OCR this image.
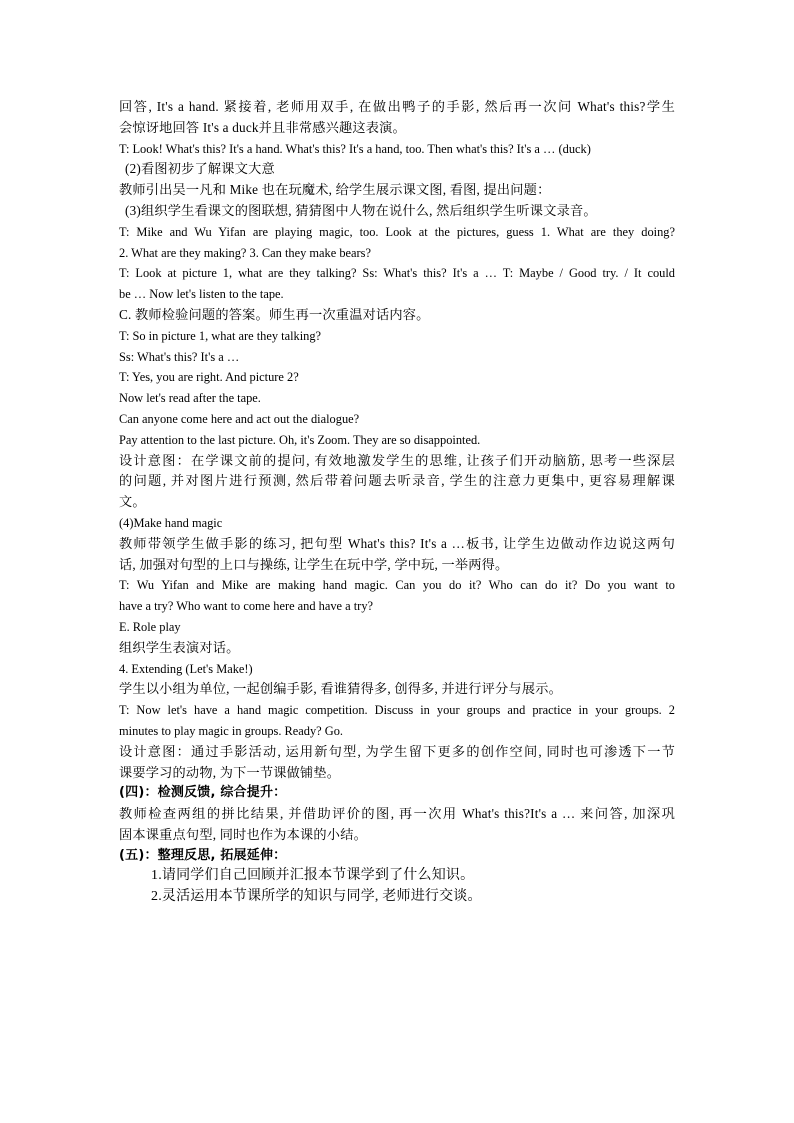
回答, It's a hand. 紧接着, 老师用双手, 在做出鸭子的手影, 然后再一次问 What's this?学生
会惊讶地回答 It's a duck并且非常感兴趣这表演。
T: Look! What's this? It's a hand. What's this? It's a hand, too. Then what's this? It's a … (duck)
(2)看图初步了解课文大意
教师引出吴一凡和 Mike 也在玩魔术, 给学生展示课文图, 看图, 提出问题：
(3)组织学生看课文的图联想, 猜猜图中人物在说什么, 然后组织学生听课文录音。
T: Mike and Wu Yifan are playing magic, too. Look at the pictures, guess 1. What are they doing?
2. What are they making? 3. Can they make bears?
T: Look at picture 1, what are they talking? Ss: What's this? It's a … T: Maybe / Good try. / It could
be … Now let's listen to the tape.
C. 教师检验问题的答案。师生再一次重温对话内容。
T: So in picture 1, what are they talking?
Ss: What's this? It's a …
T: Yes, you are right. And picture 2?
Now let's read after the tape.
Can anyone come here and act out the dialogue?
Pay attention to the last picture. Oh, it's Zoom. They are so disappointed.
设计意图：在学课文前的提问, 有效地激发学生的思维, 让孩子们开动脑筋, 思考一些深层
的问题, 并对图片进行预测, 然后带着问题去听录音, 学生的注意力更集中, 更容易理解课
文。
(4)Make hand magic
教师带领学生做手影的练习, 把句型 What's this? It's a …板书, 让学生边做动作边说这两句
话, 加强对句型的上口与操练, 让学生在玩中学, 学中玩, 一举两得。
T: Wu Yifan and Mike are making hand magic. Can you do it? Who can do it? Do you want to
have a try? Who want to come here and have a try?
E. Role play
组织学生表演对话。
4. Extending (Let's Make!)
学生以小组为单位, 一起创编手影, 看谁猜得多, 创得多, 并进行评分与展示。
T: Now let's have a hand magic competition. Discuss in your groups and practice in your groups. 2
minutes to play magic in groups. Ready? Go.
设计意图：通过手影活动, 运用新句型, 为学生留下更多的创作空间, 同时也可渗透下一节
课要学习的动物, 为下一节课做铺垫。
(四)：检测反馈, 综合提升：
教师检查两组的拼比结果, 并借助评价的图, 再一次用 What's this?It's a … 来问答, 加深巩
固本课重点句型, 同时也作为本课的小结。
(五)：整理反思, 拓展延伸：
1.请同学们自己回顾并汇报本节课学到了什么知识。
2.灵活运用本节课所学的知识与同学, 老师进行交谈。
